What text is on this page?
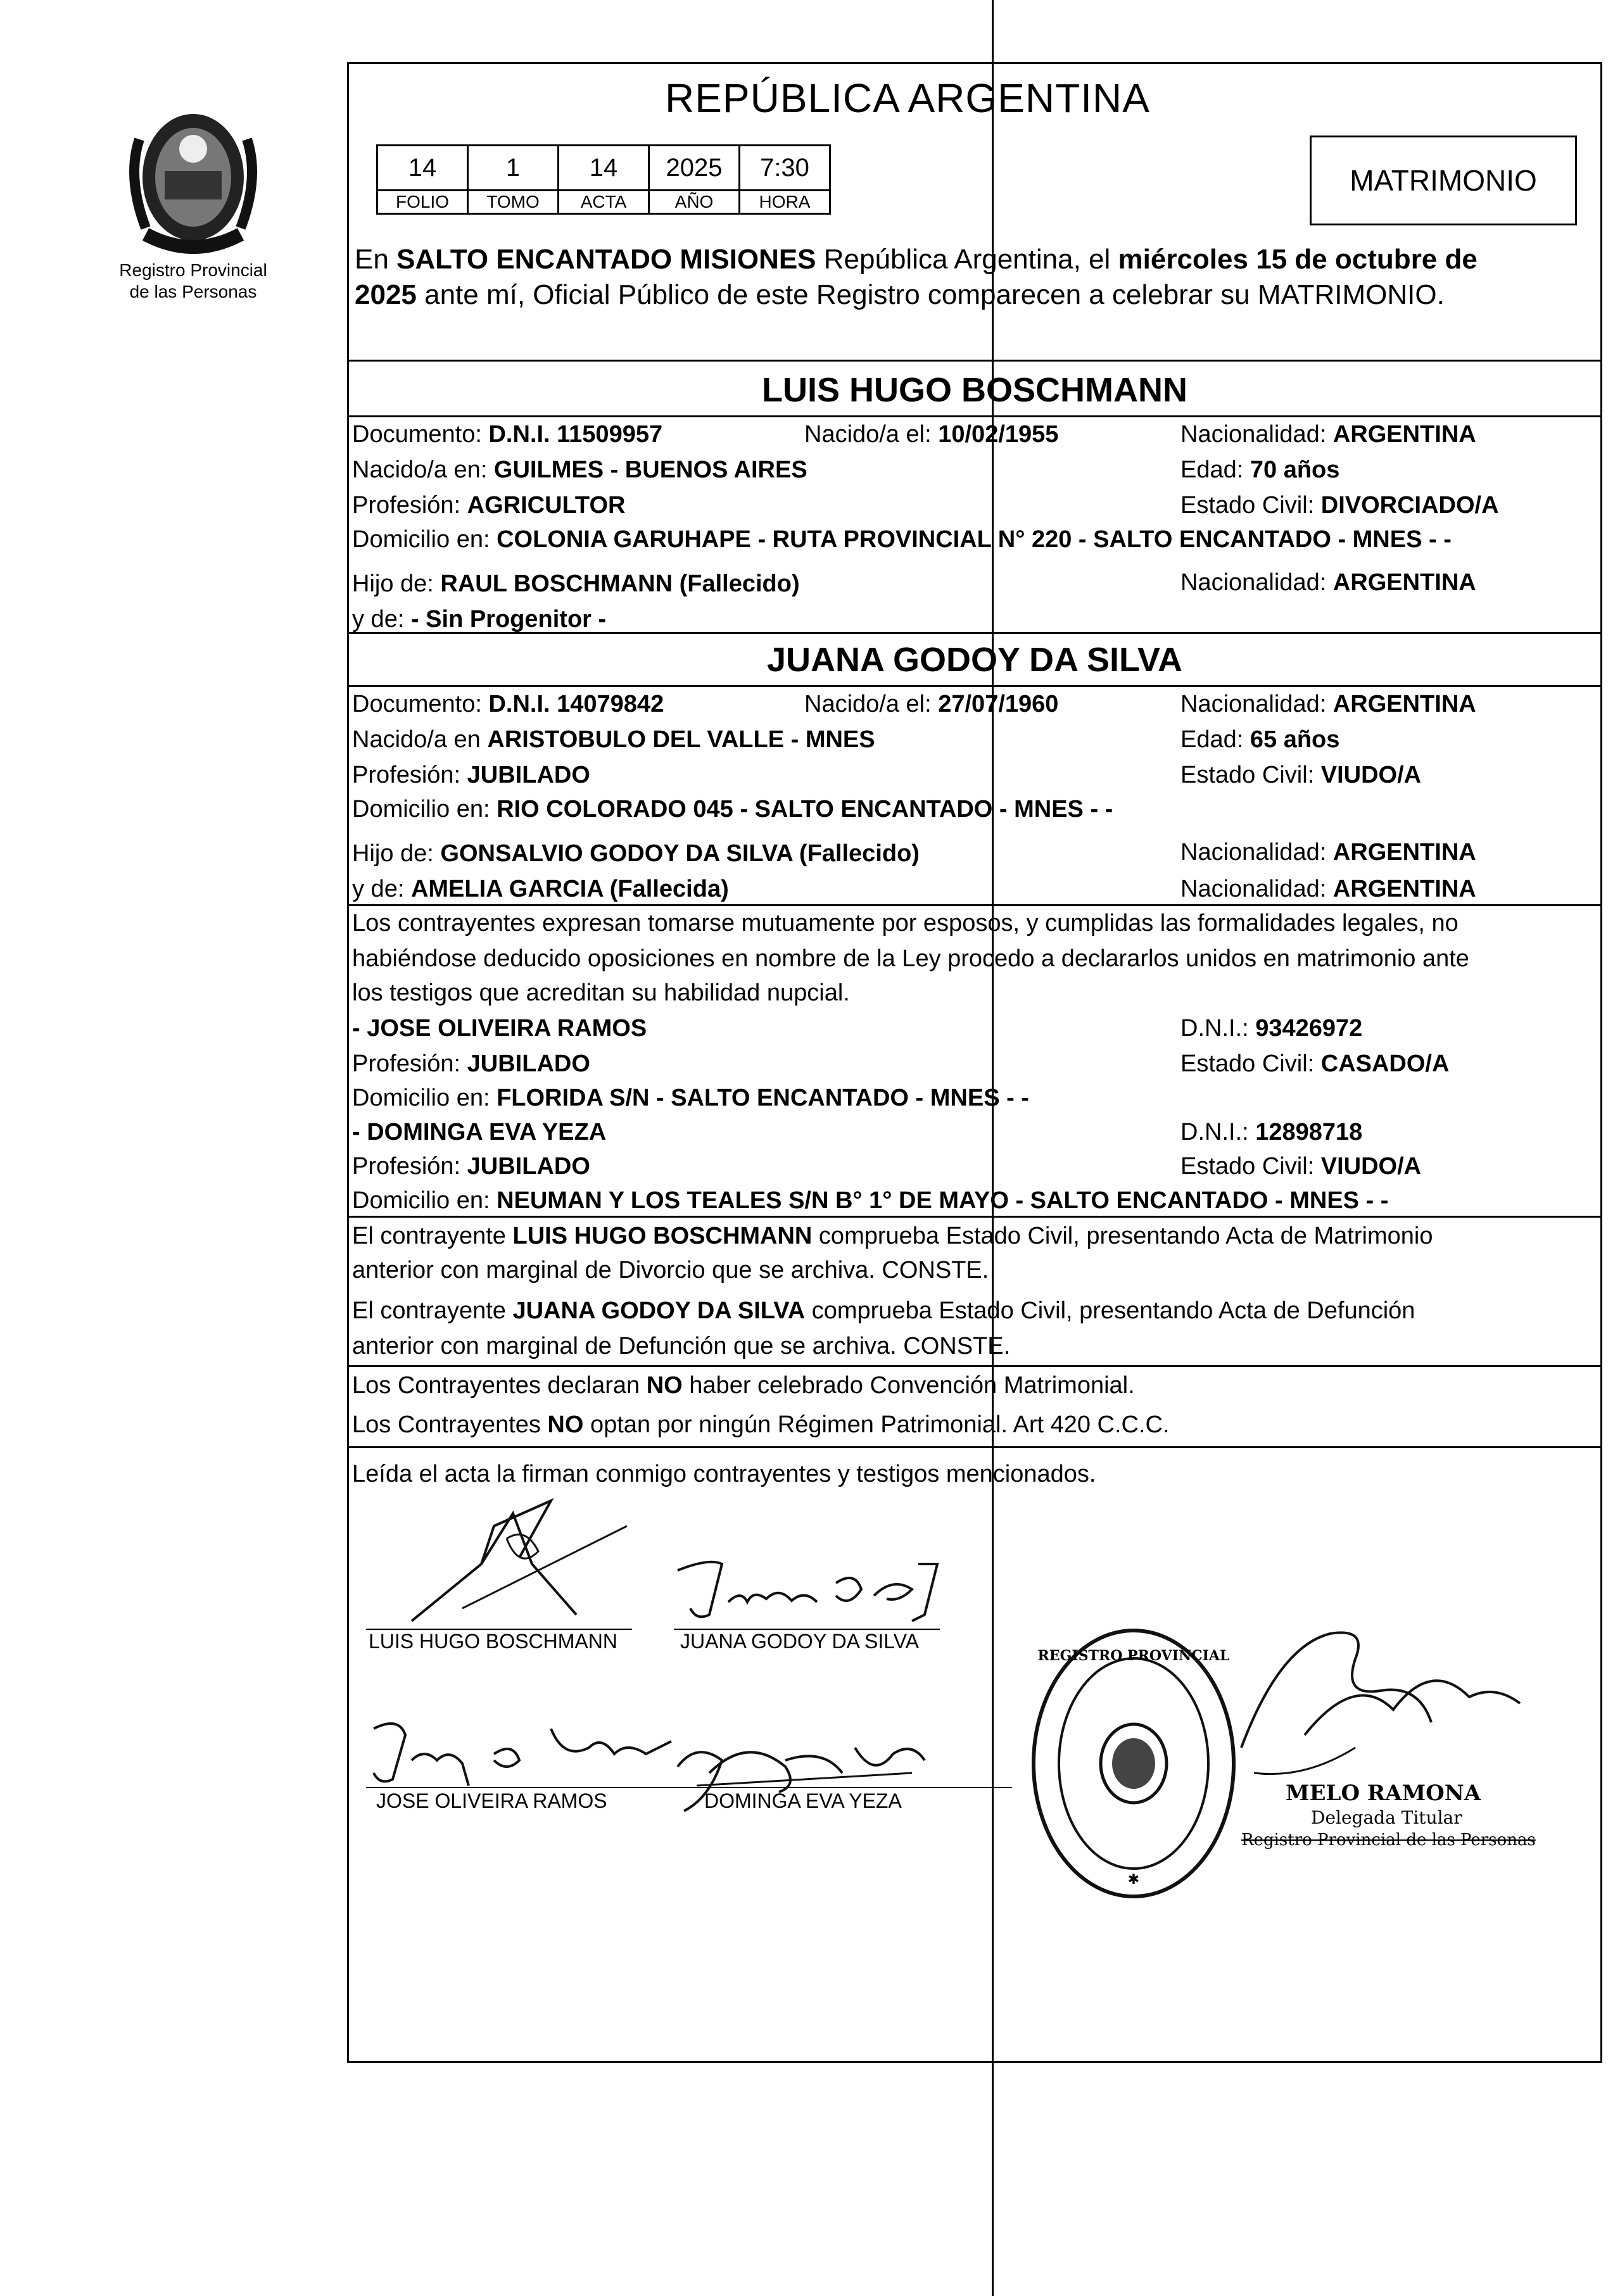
Registro Provincial
de las Personas
REPÚBLICA ARGENTINA
14	1	14	2025	7:30
FOLIO	TOMO	ACTA	AÑO	HORA
MATRIMONIO
En SALTO ENCANTADO MISIONES República Argentina, el miércoles 15 de octubre de
2025 ante mí, Oficial Público de este Registro comparecen a celebrar su MATRIMONIO.
LUIS HUGO BOSCHMANN
Documento: D.N.I. 11509957	Nacido/a el: 10/02/1955	Nacionalidad: ARGENTINA
Nacido/a en: GUILMES - BUENOS AIRES	Edad: 70 años
Profesión: AGRICULTOR	Estado Civil: DIVORCIADO/A
Domicilio en: COLONIA GARUHAPE - RUTA PROVINCIAL N° 220 - SALTO ENCANTADO - MNES - -
Hijo de: RAUL BOSCHMANN (Fallecido)	Nacionalidad: ARGENTINA
y de: - Sin Progenitor -
JUANA GODOY DA SILVA
Documento: D.N.I. 14079842	Nacido/a el: 27/07/1960	Nacionalidad: ARGENTINA
Nacido/a en ARISTOBULO DEL VALLE - MNES	Edad: 65 años
Profesión: JUBILADO	Estado Civil: VIUDO/A
Domicilio en: RIO COLORADO 045 - SALTO ENCANTADO - MNES - -
Hijo de: GONSALVIO GODOY DA SILVA (Fallecido)	Nacionalidad: ARGENTINA
y de: AMELIA GARCIA (Fallecida)	Nacionalidad: ARGENTINA
Los contrayentes expresan tomarse mutuamente por esposos, y cumplidas las formalidades legales, no
habiéndose deducido oposiciones en nombre de la Ley procedo a declararlos unidos en matrimonio ante
los testigos que acreditan su habilidad nupcial.
- JOSE OLIVEIRA RAMOS	D.N.I.: 93426972
Profesión: JUBILADO	Estado Civil: CASADO/A
Domicilio en: FLORIDA S/N - SALTO ENCANTADO - MNES - -
- DOMINGA EVA YEZA	D.N.I.: 12898718
Profesión: JUBILADO	Estado Civil: VIUDO/A
Domicilio en: NEUMAN Y LOS TEALES S/N B° 1° DE MAYO - SALTO ENCANTADO - MNES - -
El contrayente LUIS HUGO BOSCHMANN comprueba Estado Civil, presentando Acta de Matrimonio
anterior con marginal de Divorcio que se archiva. CONSTE.
El contrayente JUANA GODOY DA SILVA comprueba Estado Civil, presentando Acta de Defunción
anterior con marginal de Defunción que se archiva. CONSTE.
Los Contrayentes declaran NO haber celebrado Convención Matrimonial.
Los Contrayentes NO optan por ningún Régimen Patrimonial. Art 420 C.C.C.
Leída el acta la firman conmigo contrayentes y testigos mencionados.
LUIS HUGO BOSCHMANN	JUANA GODOY DA SILVA
JOSE OLIVEIRA RAMOS	DOMINGA EVA YEZA
REGISTRO PROVINCIAL
✱
MELO RAMONA
Delegada Titular
Registro Provincial de las Personas
